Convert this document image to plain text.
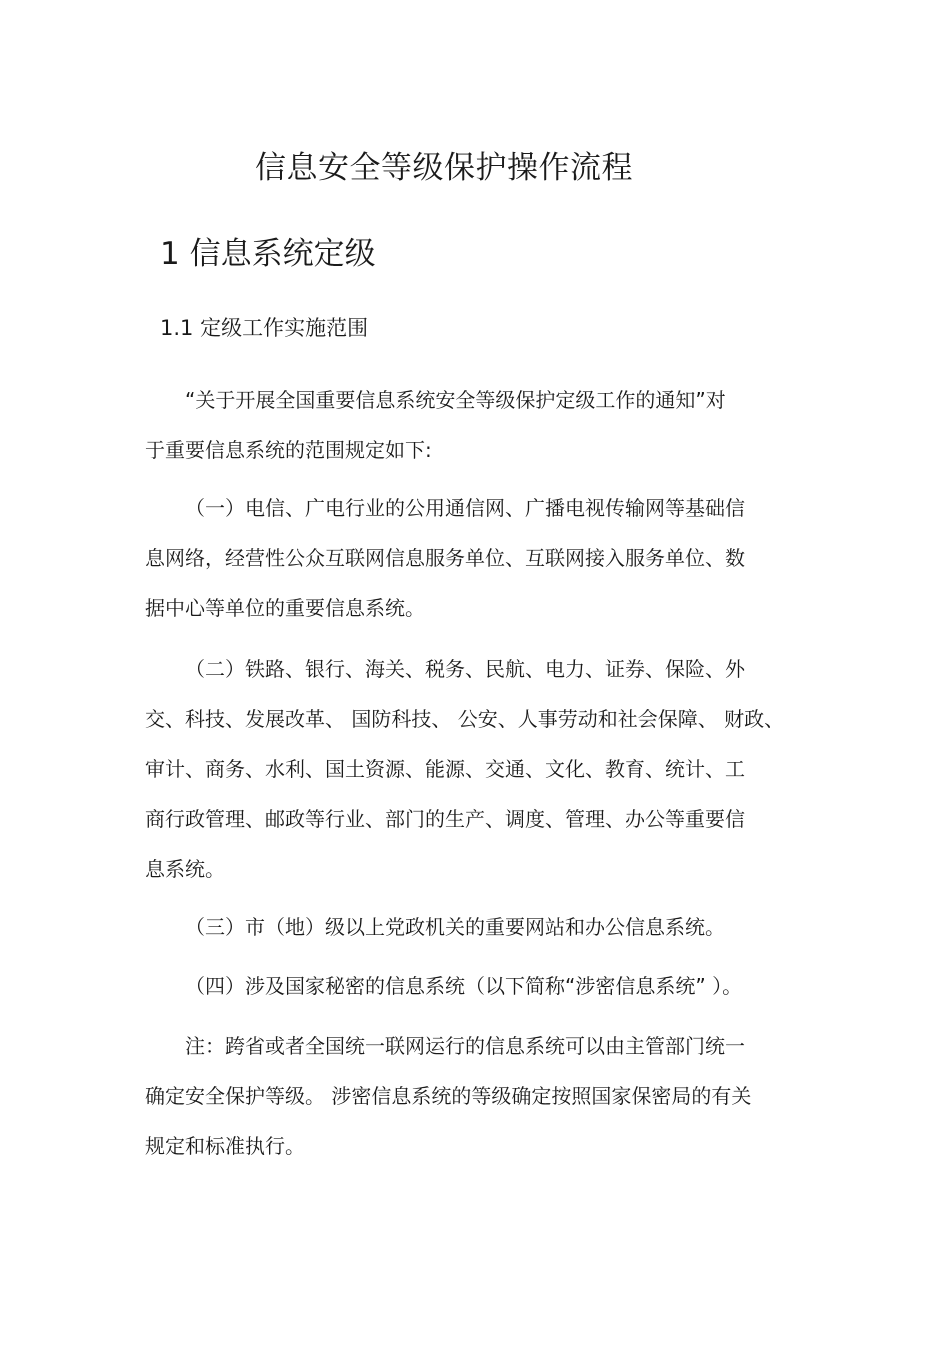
信息安全等级保护操作流程
1 信息系统定级
1.1 定级工作实施范围

“关于开展全国重要信息系统安全等级保护定级工作的通知”对

于重要信息系统的范围规定如下:

（一）电信、广电行业的公用通信网、广播电视传输网等基础信

息网络，经营性公众互联网信息服务单位、互联网接入服务单位、数

据中心等单位的重要信息系统。

（二）铁路、银行、海关、税务、民航、电力、证券、保险、外

交、科技、发展改革、 国防科技、 公安、人事劳动和社会保障、 财政、

审计、商务、水利、国土资源、能源、交通、文化、教育、统计、工

商行政管理、邮政等行业、部门的生产、调度、管理、办公等重要信

息系统。

（三）市（地）级以上党政机关的重要网站和办公信息系统。

（四）涉及国家秘密的信息系统（以下简称“涉密信息系统” ）。

注：跨省或者全国统一联网运行的信息系统可以由主管部门统一

确定安全保护等级。 涉密信息系统的等级确定按照国家保密局的有关

规定和标准执行。
